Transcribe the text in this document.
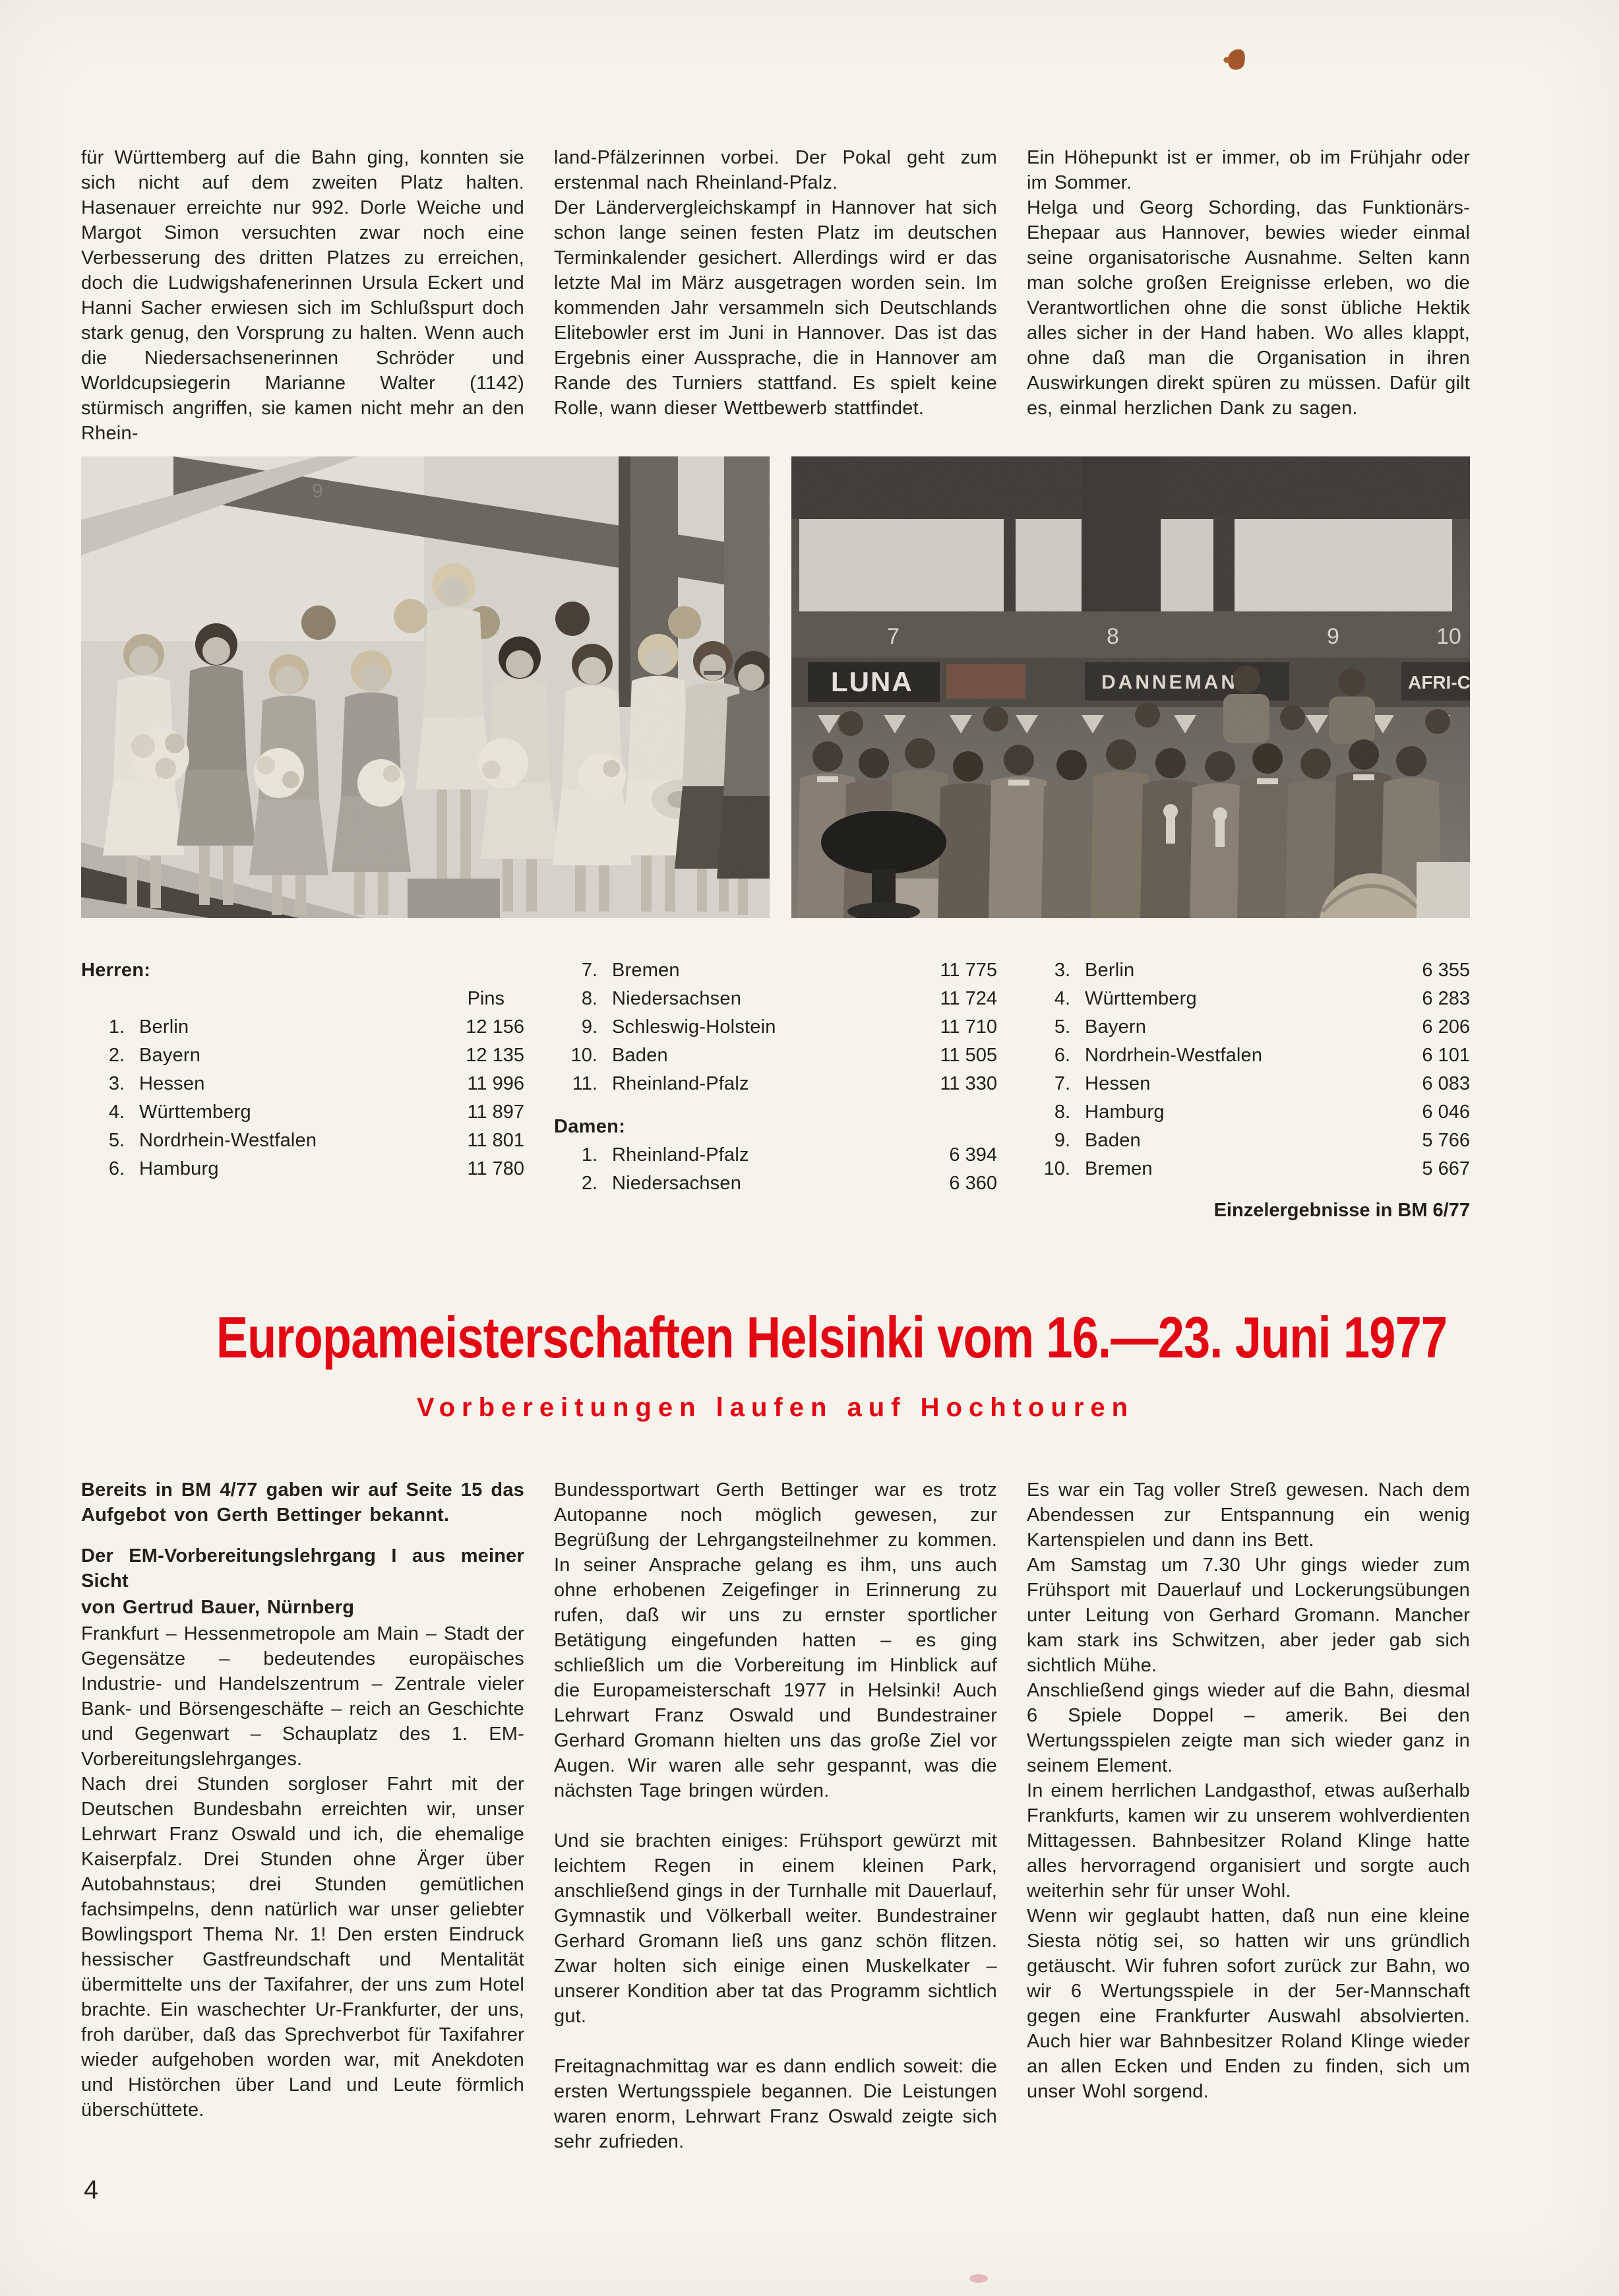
für Württemberg auf die Bahn ging, konnten sie sich nicht auf dem zweiten Platz halten. Hasenauer erreichte nur 992. Dorle Weiche und Margot Simon versuchten zwar noch eine Verbesserung des dritten Platzes zu erreichen, doch die Ludwigshafenerinnen Ursula Eckert und Hanni Sacher erwiesen sich im Schlußspurt doch stark genug, den Vorsprung zu halten. Wenn auch die Niedersachsenerinnen Schröder und Worldcupsiegerin Marianne Walter (1142) stürmisch angriffen, sie kamen nicht mehr an den Rhein-

land-Pfälzerinnen vorbei. Der Pokal geht zum erstenmal nach Rheinland-Pfalz.

Der Ländervergleichskampf in Hannover hat sich schon lange seinen festen Platz im deutschen Terminkalender gesichert. Allerdings wird er das letzte Mal im März ausgetragen worden sein. Im kommenden Jahr versammeln sich Deutschlands Elitebowler erst im Juni in Hannover. Das ist das Ergebnis einer Aussprache, die in Hannover am Rande des Turniers stattfand. Es spielt keine Rolle, wann dieser Wettbewerb stattfindet.

Ein Höhepunkt ist er immer, ob im Frühjahr oder im Sommer.

Helga und Georg Schording, das Funktionärs-Ehepaar aus Hannover, bewies wieder einmal seine organisatorische Ausnahme. Selten kann man solche großen Ereignisse erleben, wo die Verantwortlichen ohne die sonst übliche Hektik alles sicher in der Hand haben. Wo alles klappt, ohne daß man die Organisation in ihren Auswirkungen direkt spüren zu müssen. Dafür gilt es, einmal herzlichen Dank zu sagen.

Herren:
Pins
1. Berlin	12 156
2. Bayern	12 135
3. Hessen	11 996
4. Württemberg	11 897
5. Nordrhein-Westfalen	11 801
6. Hamburg	11 780
7. Bremen	11 775
8. Niedersachsen	11 724
9. Schleswig-Holstein	11 710
10. Baden	11 505
11. Rheinland-Pfalz	11 330
Damen:
1. Rheinland-Pfalz	6 394
2. Niedersachsen	6 360
3. Berlin	6 355
4. Württemberg	6 283
5. Bayern	6 206
6. Nordrhein-Westfalen	6 101
7. Hessen	6 083
8. Hamburg	6 046
9. Baden	5 766
10. Bremen	5 667
Einzelergebnisse in BM 6/77
Europameisterschaften Helsinki vom 16.—23. Juni 1977
Vorbereitungen laufen auf Hochtouren

Bereits in BM 4/77 gaben wir auf Seite 15 das Aufgebot von Gerth Bettinger bekannt.

Der EM-Vorbereitungslehrgang I aus meiner Sicht

von Gertrud Bauer, Nürnberg

Frankfurt – Hessenmetropole am Main – Stadt der Gegensätze – bedeutendes europäisches Industrie- und Handelszentrum – Zentrale vieler Bank- und Börsengeschäfte – reich an Geschichte und Gegenwart – Schauplatz des 1. EM-Vorbereitungslehrganges.

Nach drei Stunden sorgloser Fahrt mit der Deutschen Bundesbahn erreichten wir, unser Lehrwart Franz Oswald und ich, die ehemalige Kaiserpfalz. Drei Stunden ohne Ärger über Autobahnstaus; drei Stunden gemütlichen fachsimpelns, denn natürlich war unser geliebter Bowlingsport Thema Nr. 1! Den ersten Eindruck hessischer Gastfreundschaft und Mentalität übermittelte uns der Taxifahrer, der uns zum Hotel brachte. Ein waschechter Ur-Frankfurter, der uns, froh darüber, daß das Sprechverbot für Taxifahrer wieder aufgehoben worden war, mit Anekdoten und Histörchen über Land und Leute förmlich überschüttete.

Bundessportwart Gerth Bettinger war es trotz Autopanne noch möglich gewesen, zur Begrüßung der Lehrgangsteilnehmer zu kommen. In seiner Ansprache gelang es ihm, uns auch ohne erhobenen Zeigefinger in Erinnerung zu rufen, daß wir uns zu ernster sportlicher Betätigung eingefunden hatten – es ging schließlich um die Vorbereitung im Hinblick auf die Europameisterschaft 1977 in Helsinki! Auch Lehrwart Franz Oswald und Bundestrainer Gerhard Gromann hielten uns das große Ziel vor Augen. Wir waren alle sehr gespannt, was die nächsten Tage bringen würden.

Und sie brachten einiges: Frühsport gewürzt mit leichtem Regen in einem kleinen Park, anschließend gings in der Turnhalle mit Dauerlauf, Gymnastik und Völkerball weiter. Bundestrainer Gerhard Gromann ließ uns ganz schön flitzen. Zwar holten sich einige einen Muskelkater – unserer Kondition aber tat das Programm sichtlich gut.

Freitagnachmittag war es dann endlich soweit: die ersten Wertungsspiele begannen. Die Leistungen waren enorm, Lehrwart Franz Oswald zeigte sich sehr zufrieden.

Es war ein Tag voller Streß gewesen. Nach dem Abendessen zur Entspannung ein wenig Kartenspielen und dann ins Bett.

Am Samstag um 7.30 Uhr gings wieder zum Frühsport mit Dauerlauf und Lockerungsübungen unter Leitung von Gerhard Gromann. Mancher kam stark ins Schwitzen, aber jeder gab sich sichtlich Mühe.

Anschließend gings wieder auf die Bahn, diesmal 6 Spiele Doppel – amerik. Bei den Wertungsspielen zeigte man sich wieder ganz in seinem Element.

In einem herrlichen Landgasthof, etwas außerhalb Frankfurts, kamen wir zu unserem wohlverdienten Mittagessen. Bahnbesitzer Roland Klinge hatte alles hervorragend organisiert und sorgte auch weiterhin sehr für unser Wohl.

Wenn wir geglaubt hatten, daß nun eine kleine Siesta nötig sei, so hatten wir uns gründlich getäuscht. Wir fuhren sofort zurück zur Bahn, wo wir 6 Wertungsspiele in der 5er-Mannschaft gegen eine Frankfurter Auswahl absolvierten. Auch hier war Bahnbesitzer Roland Klinge wieder an allen Ecken und Enden zu finden, sich um unser Wohl sorgend.

4
